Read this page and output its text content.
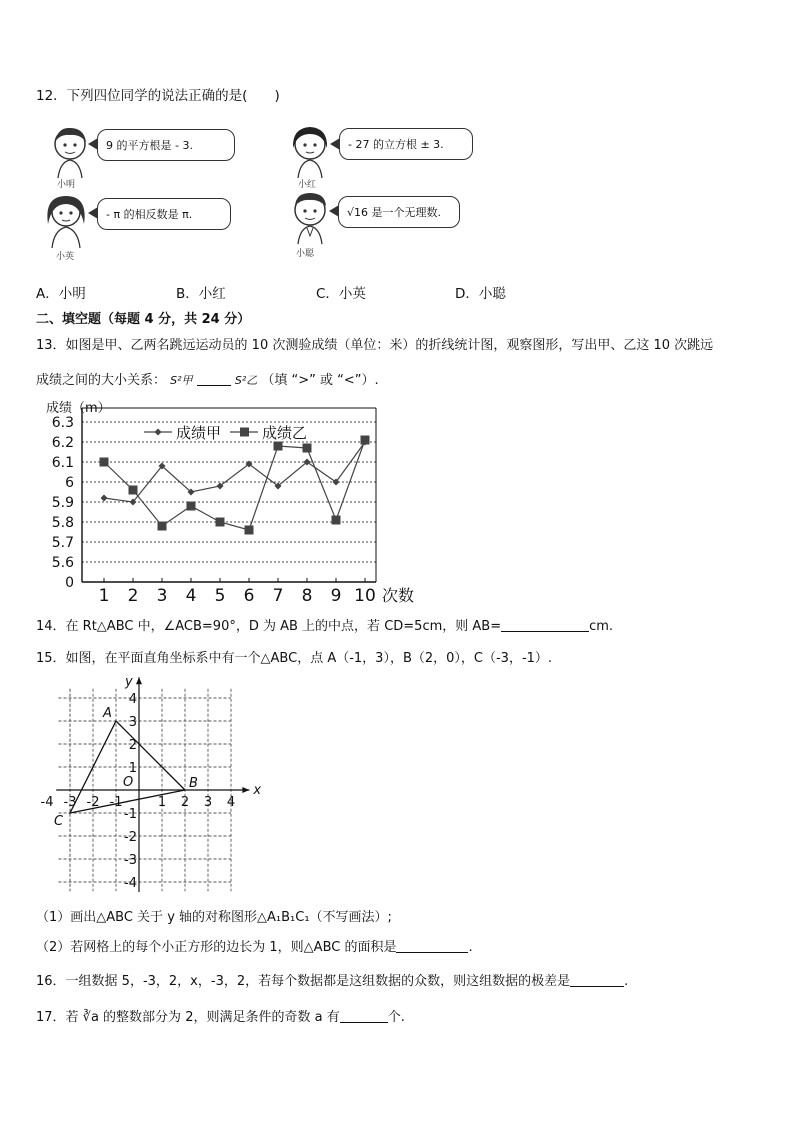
12．下列四位同学的说法正确的是(　　)
小明
9 的平方根是 - 3.
小红
- 27 的立方根 ± 3.
小英
- π 的相反数是 π.
小聪
√16 是一个无理数.
A．小明	B．小红	C．小英	D．小聪
二、填空题（每题 4 分，共 24 分）
13．如图是甲、乙两名跳远运动员的 10 次测验成绩（单位：米）的折线统计图，观察图形，写出甲、乙这 10 次跳远
成绩之间的大小关系： S²甲	S²乙 （填 “>” 或 “<”）.
0
5.6
5.7
5.8
5.9
6
6.1
6.2
6.3
1 2 3 4 5 6 7 8 9 10 次数
成绩（m）
成绩甲	成绩乙
14．在 Rt△ABC 中，∠ACB=90°，D 为 AB 上的中点，若 CD=5cm，则 AB=	cm.
15．如图，在平面直角坐标系中有一个△ABC，点 A（-1，3），B（2，0），C（-3，-1）.
-4 -3 -2 -1	1 2 3 4
4
3
2
1
-1
-2
-3
-4
x
y
O
A
B
C
（1）画出△ABC 关于 y 轴的对称图形△A₁B₁C₁（不写画法）;
（2）若网格上的每个小正方形的边长为 1，则△ABC 的面积是	.
16．一组数据 5，-3，2，x，-3，2，若每个数据都是这组数据的众数，则这组数据的极差是	.
17．若 ∛a 的整数部分为 2，则满足条件的奇数 a 有	个.
